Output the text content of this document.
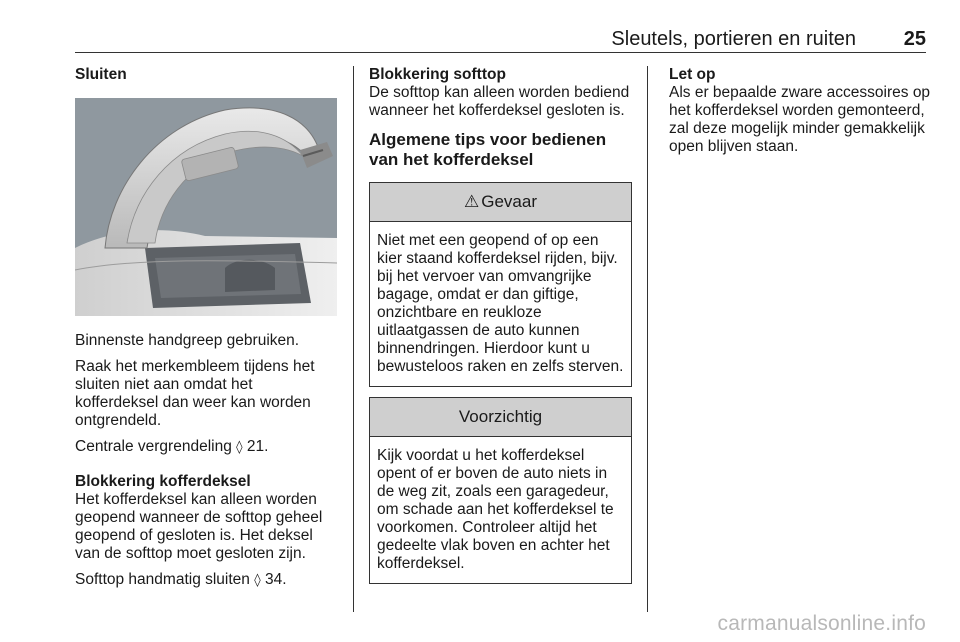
Sleutels, portieren en ruiten 25

Sluiten

Binnenste handgreep gebruiken.

Raak het merkembleem tijdens het sluiten niet aan omdat het kofferdeksel dan weer kan worden ontgrendeld.

Centrale vergrendeling ◊ 21.

Blokkering kofferdeksel

Het kofferdeksel kan alleen worden geopend wanneer de softtop geheel geopend of gesloten is. Het deksel van de softtop moet gesloten zijn.

Softtop handmatig sluiten ◊ 34.

Blokkering softtop

De softtop kan alleen worden bediend wanneer het kofferdeksel gesloten is.

Algemene tips voor bedienen van het kofferdeksel

⚠ Gevaar

Niet met een geopend of op een kier staand kofferdeksel rijden, bijv. bij het vervoer van omvangrijke bagage, omdat er dan giftige, onzichtbare en reukloze uitlaatgassen de auto kunnen binnendringen. Hierdoor kunt u bewusteloos raken en zelfs sterven.

Voorzichtig

Kijk voordat u het kofferdeksel opent of er boven de auto niets in de weg zit, zoals een garagedeur, om schade aan het kofferdeksel te voorkomen. Controleer altijd het gedeelte vlak boven en achter het kofferdeksel.

Let op

Als er bepaalde zware accessoires op het kofferdeksel worden gemonteerd, zal deze mogelijk minder gemakkelijk open blijven staan.

carmanualsonline.info
